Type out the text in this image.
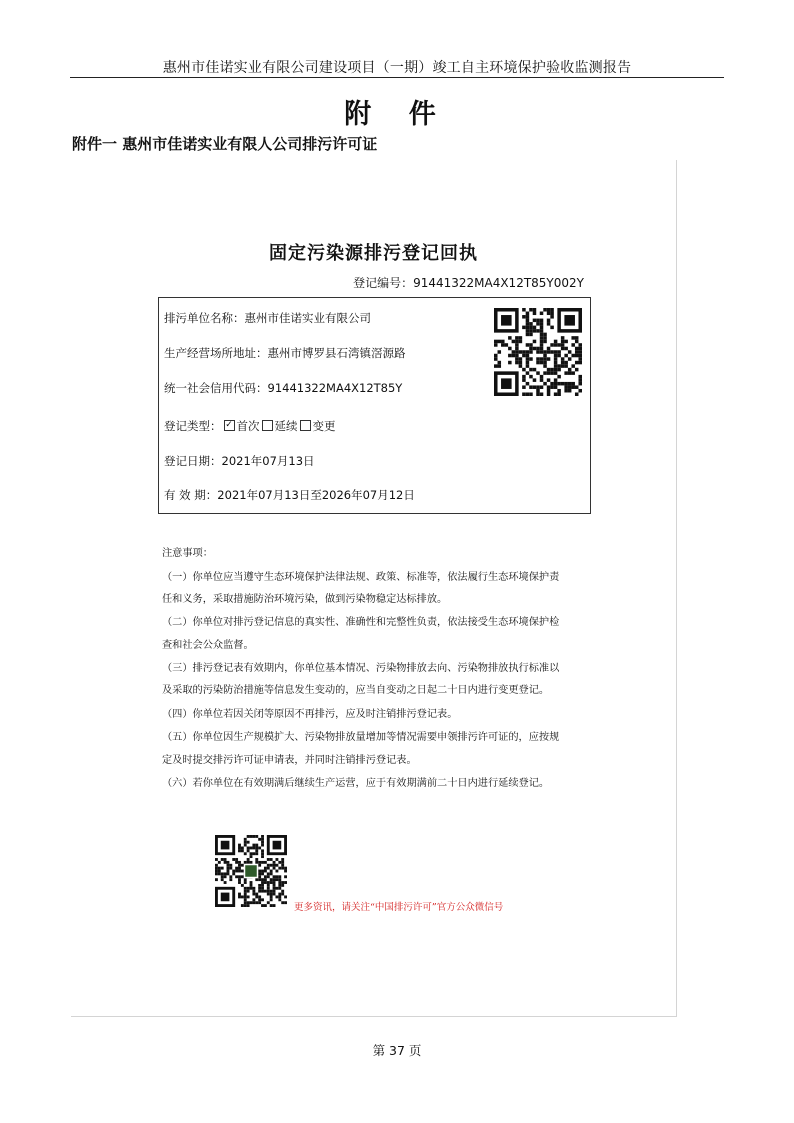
惠州市佳诺实业有限公司建设项目（一期）竣工自主环境保护验收监测报告
附 件
附件一 惠州市佳诺实业有限人公司排污许可证
固定污染源排污登记回执
登记编号：91441322MA4X12T85Y002Y
排污单位名称：惠州市佳诺实业有限公司
生产经营场所地址：惠州市博罗县石湾镇滘源路
统一社会信用代码：91441322MA4X12T85Y
登记类型： ✓ 首次 延续 变更
登记日期：2021年07月13日
有 效 期：2021年07月13日至2026年07月12日
注意事项：
（一）你单位应当遵守生态环境保护法律法规、政策、标准等，依法履行生态环境保护责
任和义务，采取措施防治环境污染，做到污染物稳定达标排放。
（二）你单位对排污登记信息的真实性、准确性和完整性负责，依法接受生态环境保护检
查和社会公众监督。
（三）排污登记表有效期内，你单位基本情况、污染物排放去向、污染物排放执行标准以
及采取的污染防治措施等信息发生变动的，应当自变动之日起二十日内进行变更登记。
（四）你单位若因关闭等原因不再排污，应及时注销排污登记表。
（五）你单位因生产规模扩大、污染物排放量增加等情况需要申领排污许可证的，应按规
定及时提交排污许可证申请表，并同时注销排污登记表。
（六）若你单位在有效期满后继续生产运营，应于有效期满前二十日内进行延续登记。
更多资讯，请关注“中国排污许可”官方公众微信号
第 37 页
